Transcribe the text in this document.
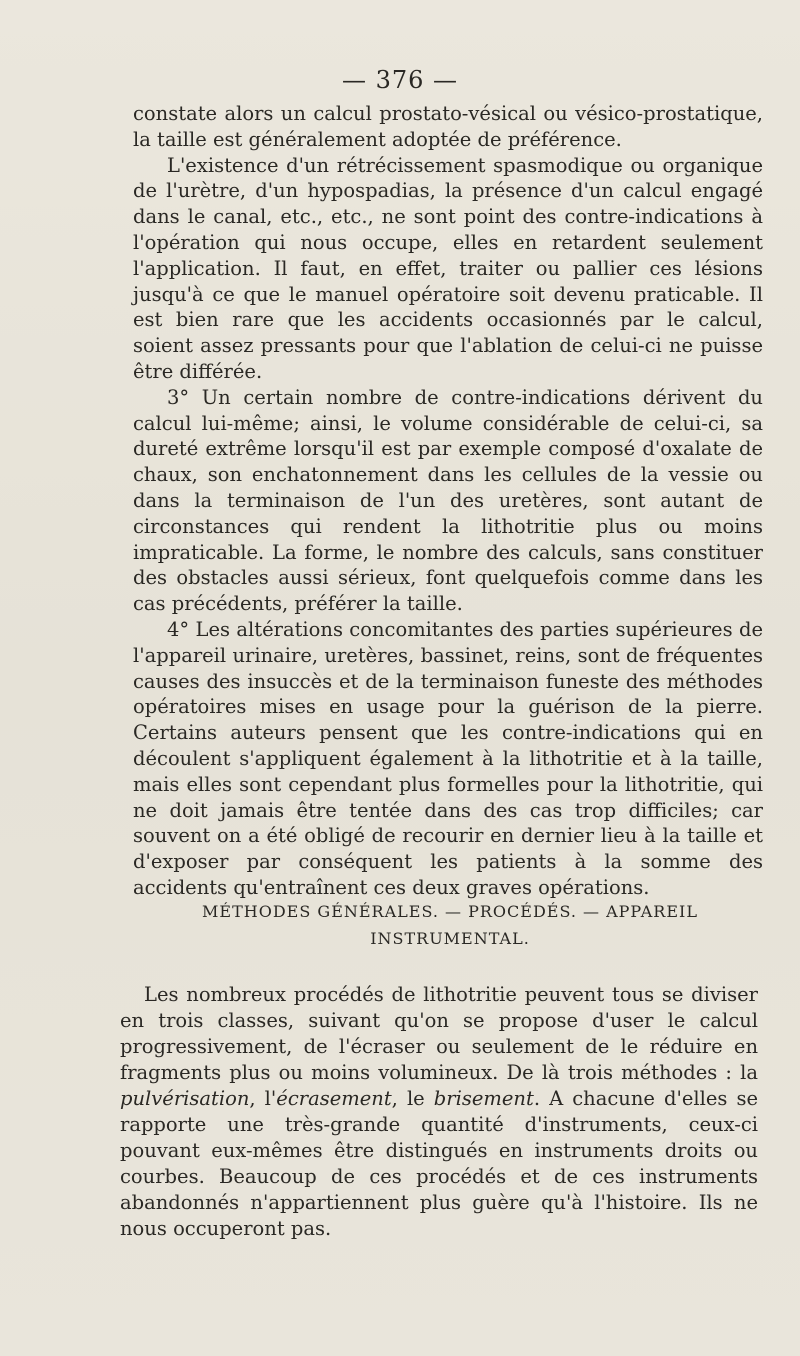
— 376 —

constate alors un calcul prostato-vésical ou vésico-prostatique, la taille est généralement adoptée de préférence.

L'existence d'un rétrécissement spasmodique ou organique de l'urètre, d'un hypospadias, la présence d'un calcul engagé dans le canal, etc., etc., ne sont point des contre-indications à l'opération qui nous occupe, elles en retardent seulement l'application. Il faut, en effet, traiter ou pallier ces lésions jusqu'à ce que le manuel opératoire soit devenu praticable. Il est bien rare que les accidents occasionnés par le calcul, soient assez pressants pour que l'ablation de celui-ci ne puisse être différée.

3° Un certain nombre de contre-indications dérivent du calcul lui-même; ainsi, le volume considérable de celui-ci, sa dureté extrême lorsqu'il est par exemple composé d'oxalate de chaux, son enchatonnement dans les cellules de la vessie ou dans la terminaison de l'un des uretères, sont autant de circonstances qui rendent la lithotritie plus ou moins impraticable. La forme, le nombre des calculs, sans constituer des obstacles aussi sérieux, font quelquefois comme dans les cas précédents, préférer la taille.

4° Les altérations concomitantes des parties supérieures de l'appareil urinaire, uretères, bassinet, reins, sont de fréquentes causes des insuccès et de la terminaison funeste des méthodes opératoires mises en usage pour la guérison de la pierre. Certains auteurs pensent que les contre-indications qui en découlent s'appliquent également à la lithotritie et à la taille, mais elles sont cependant plus formelles pour la lithotritie, qui ne doit jamais être tentée dans des cas trop difficiles; car souvent on a été obligé de recourir en dernier lieu à la taille et d'exposer par conséquent les patients à la somme des accidents qu'entraînent ces deux graves opérations.

MÉTHODES GÉNÉRALES. — PROCÉDÉS. — APPAREIL
INSTRUMENTAL.

Les nombreux procédés de lithotritie peuvent tous se diviser en trois classes, suivant qu'on se propose d'user le calcul progressivement, de l'écraser ou seulement de le réduire en fragments plus ou moins volumineux. De là trois méthodes : la pulvérisation, l'écrasement, le brisement. A chacune d'elles se rapporte une très-grande quantité d'instruments, ceux-ci pouvant eux-mêmes être distingués en instruments droits ou courbes. Beaucoup de ces procédés et de ces instruments abandonnés n'appartiennent plus guère qu'à l'histoire. Ils ne nous occuperont pas.
